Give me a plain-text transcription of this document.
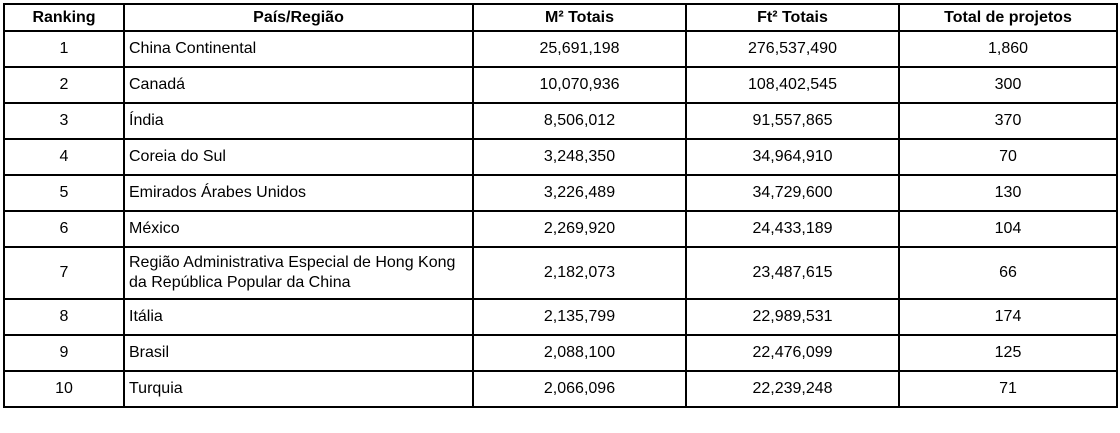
Ranking	País/Região	M² Totais	Ft² Totais	Total de projetos
1	China Continental	25,691,198	276,537,490	1,860
2	Canadá	10,070,936	108,402,545	300
3	Índia	8,506,012	91,557,865	370
4	Coreia do Sul	3,248,350	34,964,910	70
5	Emirados Árabes Unidos	3,226,489	34,729,600	130
6	México	2,269,920	24,433,189	104
7	Região Administrativa Especial de Hong Kong da República Popular da China	2,182,073	23,487,615	66
8	Itália	2,135,799	22,989,531	174
9	Brasil	2,088,100	22,476,099	125
10	Turquia	2,066,096	22,239,248	71
